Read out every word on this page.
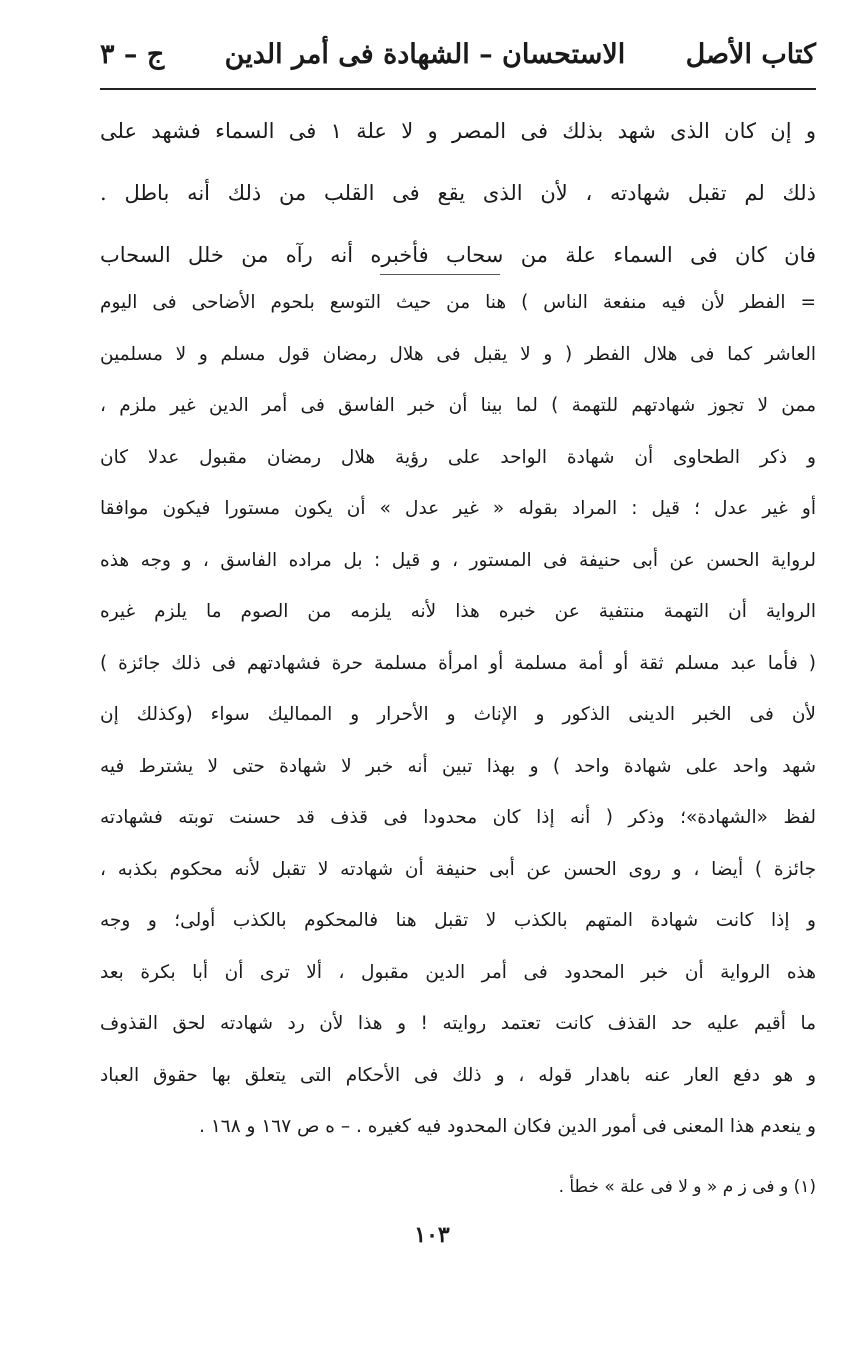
كتاب الأصل
الاستحسان – الشهادة فى أمر الدين
ج – ٣
و إن كان الذى شهد بذلك فى المصر و لا علة ١ فى السماء فشهد على
ذلك لم تقبل شهادته ، لأن الذى يقع فى القلب من ذلك أنه باطل .
فان كان فى السماء علة من سحاب فأخبره أنه رآه من خلل السحاب
= الفطر لأن فيه منفعة الناس ) هنا من حيث التوسع بلحوم الأضاحى فى اليوم
العاشر كما فى هلال الفطر ( و لا يقبل فى هلال رمضان قول مسلم و لا مسلمين
ممن لا تجوز شهادتهم للتهمة ) لما بينا أن خبر الفاسق فى أمر الدين غير ملزم ،
و ذكر الطحاوى أن شهادة الواحد على رؤية هلال رمضان مقبول عدلا كان
أو غير عدل ؛ قيل : المراد بقوله « غير عدل » أن يكون مستورا فيكون موافقا
لرواية الحسن عن أبى حنيفة فى المستور ، و قيل : بل مراده الفاسق ، و وجه هذه
الرواية أن التهمة منتفية عن خبره هذا لأنه يلزمه من الصوم ما يلزم غيره
( فأما عبد مسلم ثقة أو أمة مسلمة أو امرأة مسلمة حرة فشهادتهم فى ذلك جائزة )
لأن فى الخبر الدينى الذكور و الإناث و الأحرار و المماليك سواء (وكذلك إن
شهد واحد على شهادة واحد ) و بهذا تبين أنه خبر لا شهادة حتى لا يشترط فيه
لفظ «الشهادة»؛ وذكر ( أنه إذا كان محدودا فى قذف قد حسنت توبته فشهادته
جائزة ) أيضا ، و روى الحسن عن أبى حنيفة أن شهادته لا تقبل لأنه محكوم بكذبه ،
و إذا كانت شهادة المتهم بالكذب لا تقبل هنا فالمحكوم بالكذب أولى؛ و وجه
هذه الرواية أن خبر المحدود فى أمر الدين مقبول ، ألا ترى أن أبا بكرة بعد
ما أقيم عليه حد القذف كانت تعتمد روايته ! و هذا لأن رد شهادته لحق القذوف
و هو دفع العار عنه باهدار قوله ، و ذلك فى الأحكام التى يتعلق بها حقوق العباد
و ينعدم هذا المعنى فى أمور الدين فكان المحدود فيه كغيره . – ه ص ١٦٧ و ١٦٨ .
(١) و فى ز م « و لا فى علة » خطأ .
١٠٣
